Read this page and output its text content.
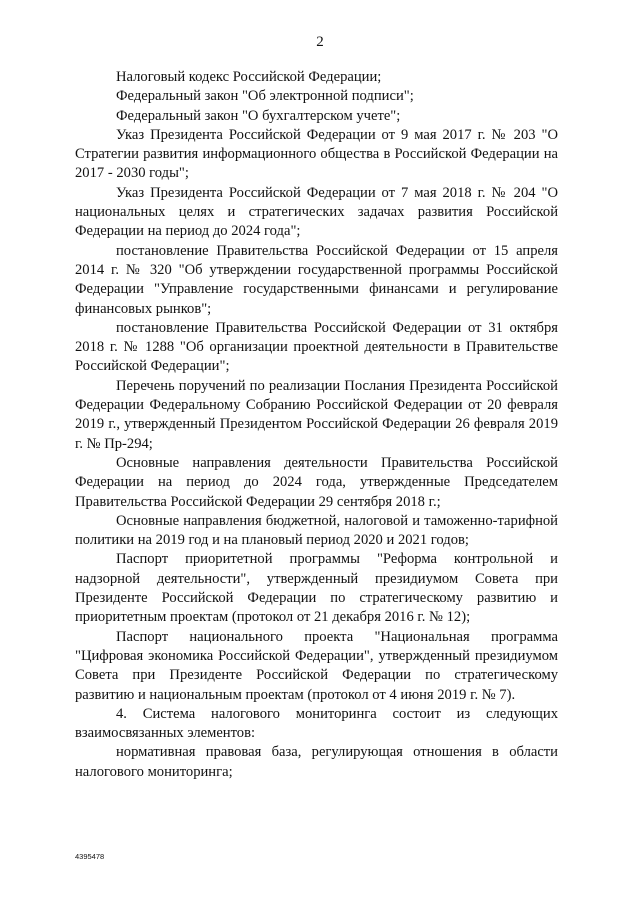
2

Налоговый кодекс Российской Федерации;

Федеральный закон "Об электронной подписи";

Федеральный закон "О бухгалтерском учете";

Указ Президента Российской Федерации от 9 мая 2017 г. № 203 "О Стратегии развития информационного общества в Российской Федерации на 2017 - 2030 годы";

Указ Президента Российской Федерации от 7 мая 2018 г. № 204 "О национальных целях и стратегических задачах развития Российской Федерации на период до 2024 года";

постановление Правительства Российской Федерации от 15 апреля 2014 г. № 320 "Об утверждении государственной программы Российской Федерации "Управление государственными финансами и регулирование финансовых рынков";

постановление Правительства Российской Федерации от 31 октября 2018 г. № 1288 "Об организации проектной деятельности в Правительстве Российской Федерации";

Перечень поручений по реализации Послания Президента Российской Федерации Федеральному Собранию Российской Федерации от 20 февраля 2019 г., утвержденный Президентом Российской Федерации 26 февраля 2019 г. № Пр-294;

Основные направления деятельности Правительства Российской Федерации на период до 2024 года, утвержденные Председателем Правительства Российской Федерации 29 сентября 2018 г.;

Основные направления бюджетной, налоговой и таможенно-тарифной политики на 2019 год и на плановый период 2020 и 2021 годов;

Паспорт приоритетной программы "Реформа контрольной и надзорной деятельности", утвержденный президиумом Совета при Президенте Российской Федерации по стратегическому развитию и приоритетным проектам (протокол от 21 декабря 2016 г. № 12);

Паспорт национального проекта "Национальная программа "Цифровая экономика Российской Федерации", утвержденный президиумом Совета при Президенте Российской Федерации по стратегическому развитию и национальным проектам (протокол от 4 июня 2019 г. № 7).

4. Система налогового мониторинга состоит из следующих взаимосвязанных элементов:

нормативная правовая база, регулирующая отношения в области налогового мониторинга;

4395478
